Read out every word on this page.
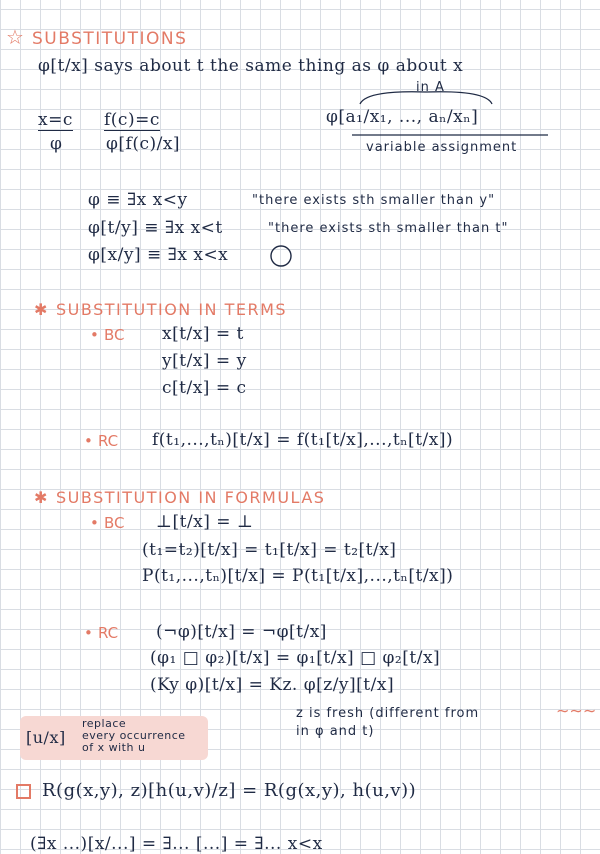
☆ SUBSTITUTIONS
φ[t/x] says about t the same thing as φ about x
x=c
φ
f(c)=c
φ[f(c)/x]
in A
φ[a₁/x₁, ..., aₙ/xₙ]
variable assignment
φ ≡ ∃x x<y	"there exists sth smaller than y"
φ[t/y] ≡ ∃x x<t	"there exists sth smaller than t"
φ[x/y] ≡ ∃x x<x
✱ SUBSTITUTION IN TERMS
• BC x[t/x] = t
y[t/x] = y
c[t/x] = c
• RC f(t₁,...,tₙ)[t/x] = f(t₁[t/x],...,tₙ[t/x])
✱ SUBSTITUTION IN FORMULAS
• BC ⊥[t/x] = ⊥
(t₁=t₂)[t/x] = t₁[t/x] = t₂[t/x]
P(t₁,...,tₙ)[t/x] = P(t₁[t/x],...,tₙ[t/x])
• RC (¬φ)[t/x] = ¬φ[t/x]
(φ₁ □ φ₂)[t/x] = φ₁[t/x] □ φ₂[t/x]
(Ky φ)[t/x] = Kz. φ[z/y][t/x]
z is fresh (different from	∼∼∼
in φ and t)
[u/x]
replace
every occurrence
of x with u
R(g(x,y), z)[h(u,v)/z] = R(g(x,y), h(u,v))
(∃x ...)[x/...] = ∃... [...] = ∃... x<x
